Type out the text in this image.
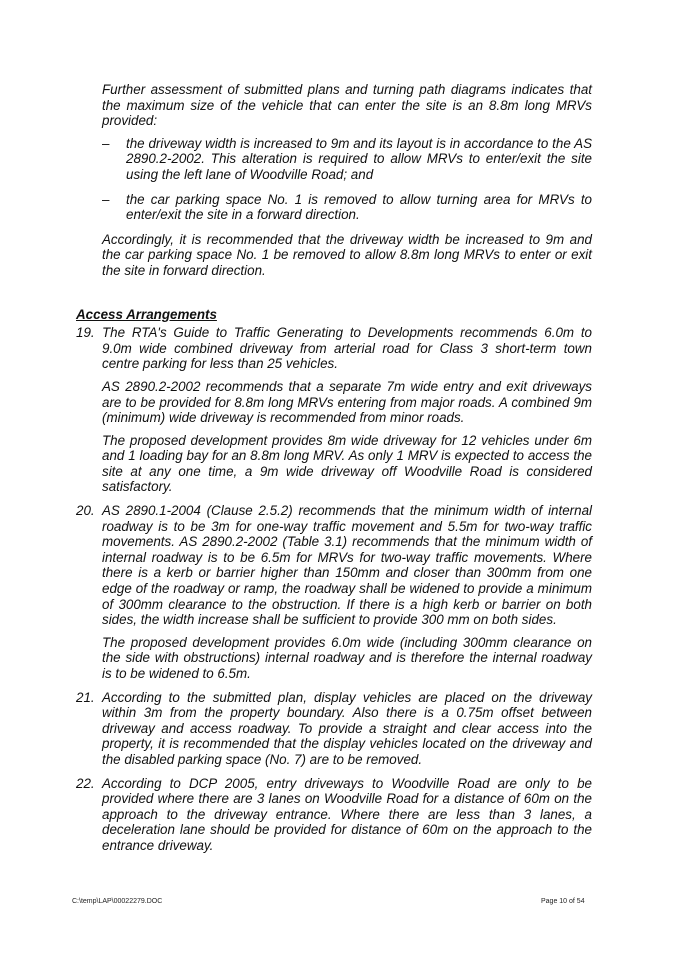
Further assessment of submitted plans and turning path diagrams indicates that the maximum size of the vehicle that can enter the site is an 8.8m long MRVs provided:

– the driveway width is increased to 9m and its layout is in accordance to the AS 2890.2-2002. This alteration is required to allow MRVs to enter/exit the site using the left lane of Woodville Road; and

– the car parking space No. 1 is removed to allow turning area for MRVs to enter/exit the site in a forward direction.

Accordingly, it is recommended that the driveway width be increased to 9m and the car parking space No. 1 be removed to allow 8.8m long MRVs to enter or exit the site in forward direction.

Access Arrangements

19. The RTA's Guide to Traffic Generating to Developments recommends 6.0m to 9.0m wide combined driveway from arterial road for Class 3 short-term town centre parking for less than 25 vehicles.

AS 2890.2-2002 recommends that a separate 7m wide entry and exit driveways are to be provided for 8.8m long MRVs entering from major roads. A combined 9m (minimum) wide driveway is recommended from minor roads.

The proposed development provides 8m wide driveway for 12 vehicles under 6m and 1 loading bay for an 8.8m long MRV. As only 1 MRV is expected to access the site at any one time, a 9m wide driveway off Woodville Road is considered satisfactory.

20. AS 2890.1-2004 (Clause 2.5.2) recommends that the minimum width of internal roadway is to be 3m for one-way traffic movement and 5.5m for two-way traffic movements. AS 2890.2-2002 (Table 3.1) recommends that the minimum width of internal roadway is to be 6.5m for MRVs for two-way traffic movements. Where there is a kerb or barrier higher than 150mm and closer than 300mm from one edge of the roadway or ramp, the roadway shall be widened to provide a minimum of 300mm clearance to the obstruction. If there is a high kerb or barrier on both sides, the width increase shall be sufficient to provide 300 mm on both sides.

The proposed development provides 6.0m wide (including 300mm clearance on the side with obstructions) internal roadway and is therefore the internal roadway is to be widened to 6.5m.

21. According to the submitted plan, display vehicles are placed on the driveway within 3m from the property boundary. Also there is a 0.75m offset between driveway and access roadway. To provide a straight and clear access into the property, it is recommended that the display vehicles located on the driveway and the disabled parking space (No. 7) are to be removed.

22. According to DCP 2005, entry driveways to Woodville Road are only to be provided where there are 3 lanes on Woodville Road for a distance of 60m on the approach to the driveway entrance. Where there are less than 3 lanes, a deceleration lane should be provided for distance of 60m on the approach to the entrance driveway.

C:\temp\LAP\00022279.DOC	Page 10 of 54
